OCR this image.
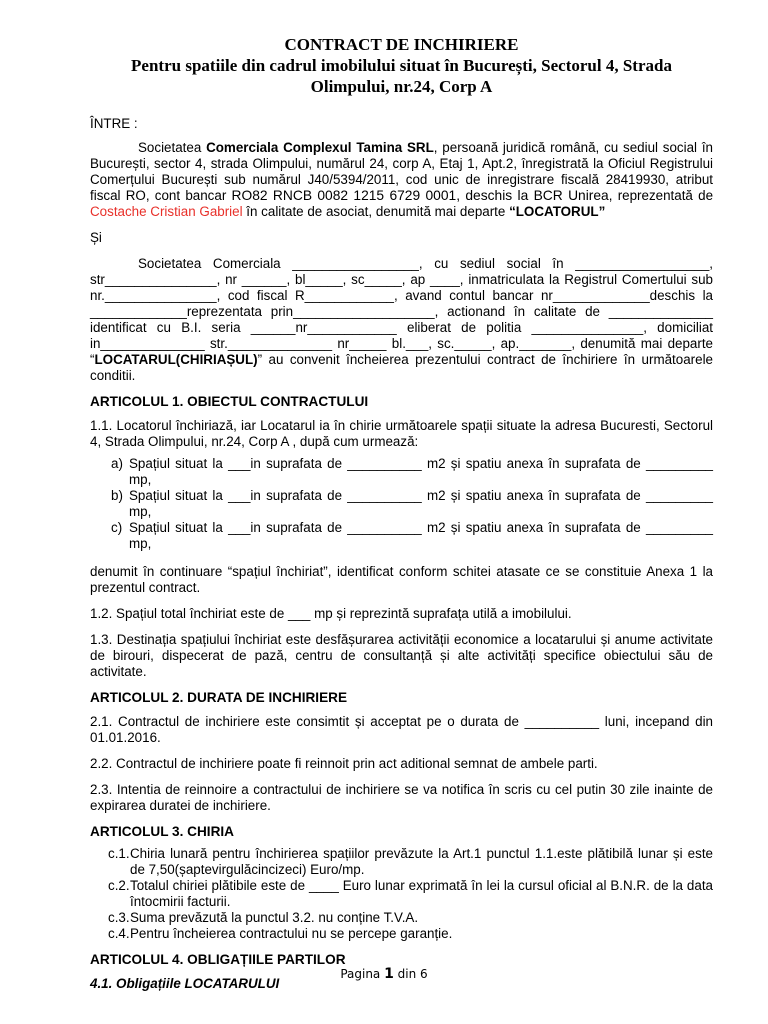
CONTRACT DE INCHIRIERE

Pentru spatiile din cadrul imobilului situat în București, Sectorul 4, Strada Olimpului, nr.24, Corp A

ÎNTRE :

Societatea Comerciala Complexul Tamina SRL, persoană juridică română, cu sediul social în București, sector 4, strada Olimpului, numărul 24, corp A, Etaj 1, Apt.2, înregistrată la Oficiul Registrului Comerțului București sub numărul J40/5394/2011, cod unic de inregistrare fiscală 28419930, atribut fiscal RO, cont bancar RO82 RNCB 0082 1215 6729 0001, deschis la BCR Unirea, reprezentată de Costache Cristian Gabriel în calitate de asociat, denumită mai departe “LOCATORUL”

Și

Societatea Comerciala _________________, cu sediul social în __________________, str_______________, nr ______, bl_____, sc_____, ap ____, inmatriculata la Registrul Comertului sub nr._______________, cod fiscal R____________, avand contul bancar nr_____________deschis la _____________reprezentata prin___________________, actionand în calitate de ______________ identificat cu B.I. seria ______nr____________ eliberat de politia _______________, domiciliat in______________ str.______________ nr_____ bl.___, sc._____, ap._______, denumită mai departe “LOCATARUL(CHIRIAȘUL)” au convenit încheierea prezentului contract de închiriere în următoarele conditii.

ARTICOLUL 1. OBIECTUL CONTRACTULUI

1.1. Locatorul închiriază, iar Locatarul ia în chirie următoarele spații situate la adresa Bucuresti, Sectorul 4, Strada Olimpului, nr.24, Corp A , după cum urmează:

a) Spațiul situat la ___in suprafata de __________ m2 și spatiu anexa în suprafata de _________ mp,
b) Spațiul situat la ___in suprafata de __________ m2 și spatiu anexa în suprafata de _________ mp,
c) Spațiul situat la ___in suprafata de __________ m2 și spatiu anexa în suprafata de _________ mp,

denumit în continuare “spațiul închiriat”, identificat conform schitei atasate ce se constituie Anexa 1 la prezentul contract.

1.2. Spațiul total închiriat este de ___ mp și reprezintă suprafața utilă a imobilului.

1.3. Destinația spațiului închiriat este desfășurarea activității economice a locatarului și anume activitate de birouri, dispecerat de pază, centru de consultanță și alte activități specifice obiectului său de activitate.

ARTICOLUL 2. DURATA DE INCHIRIERE

2.1. Contractul de inchiriere este consimtit și acceptat pe o durata de __________ luni, incepand din 01.01.2016.

2.2. Contractul de inchiriere poate fi reinnoit prin act aditional semnat de ambele parti.

2.3. Intentia de reinnoire a contractului de inchiriere se va notifica în scris cu cel putin 30 zile inainte de expirarea duratei de inchiriere.

ARTICOLUL 3. CHIRIA

c.1. Chiria lunară pentru închirierea spațiilor prevăzute la Art.1 punctul 1.1.este plătibilă lunar și este de 7,50(șaptevirgulăcincizeci) Euro/mp.
c.2. Totalul chiriei plătibile este de ____ Euro lunar exprimată în lei la cursul oficial al B.N.R. de la data întocmirii facturii.
c.3. Suma prevăzută la punctul 3.2. nu conține T.V.A.
c.4. Pentru încheierea contractului nu se percepe garanție.

ARTICOLUL 4. OBLIGAȚIILE PARTILOR

4.1. Obligațiile LOCATARULUI

Pagina 1 din 6
